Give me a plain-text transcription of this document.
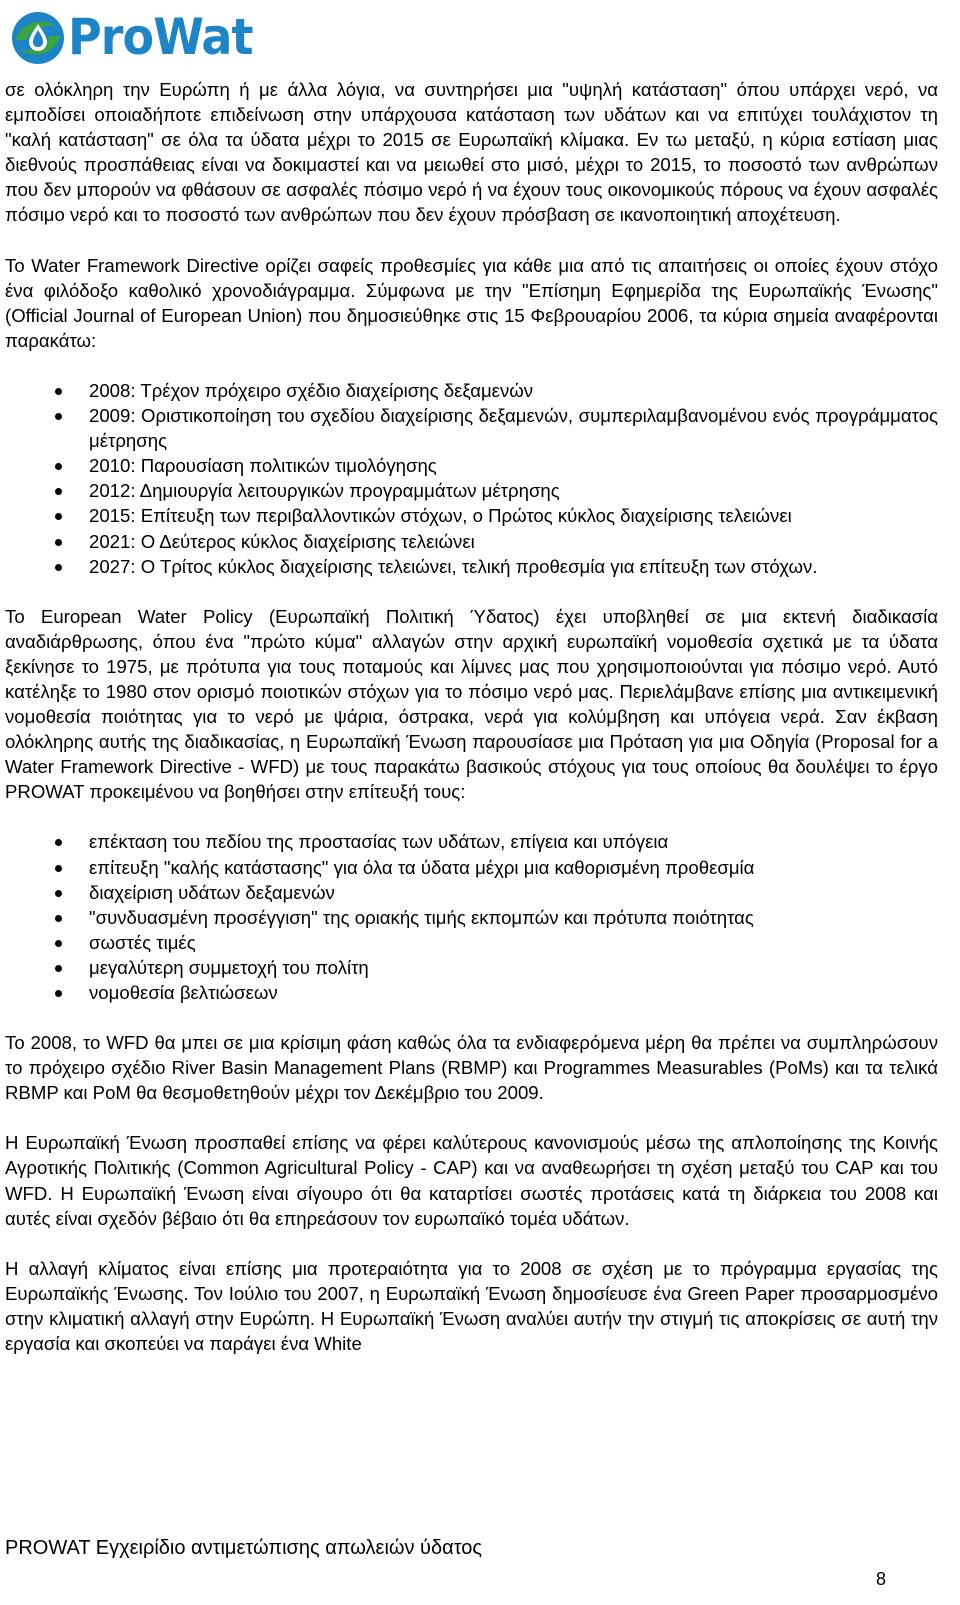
ProWat

σε ολόκληρη την Ευρώπη ή με άλλα λόγια, να συντηρήσει μια "υψηλή κατάσταση" όπου υπάρχει νερό, να εμποδίσει οποιαδήποτε επιδείνωση στην υπάρχουσα κατάσταση των υδάτων και να επιτύχει τουλάχιστον τη "καλή κατάσταση" σε όλα τα ύδατα μέχρι το 2015 σε Ευρωπαϊκή κλίμακα. Εν τω μεταξύ, η κύρια εστίαση μιας διεθνούς προσπάθειας είναι να δοκιμαστεί και να μειωθεί στο μισό, μέχρι το 2015, το ποσοστό των ανθρώπων που δεν μπορούν να φθάσουν σε ασφαλές πόσιμο νερό ή να έχουν τους οικονομικούς πόρους να έχουν ασφαλές πόσιμο νερό και το ποσοστό των ανθρώπων που δεν έχουν πρόσβαση σε ικανοποιητική αποχέτευση.

Το Water Framework Directive ορίζει σαφείς προθεσμίες για κάθε μια από τις απαιτήσεις οι οποίες έχουν στόχο ένα φιλόδοξο καθολικό χρονοδιάγραμμα. Σύμφωνα με την "Επίσημη Εφημερίδα της Ευρωπαϊκής Ένωσης" (Official Journal of European Union) που δημοσιεύθηκε στις 15 Φεβρουαρίου 2006, τα κύρια σημεία αναφέρονται παρακάτω:

2008: Τρέχον πρόχειρο σχέδιο διαχείρισης δεξαμενών
2009: Οριστικοποίηση του σχεδίου διαχείρισης δεξαμενών, συμπεριλαμβανομένου ενός προγράμματος μέτρησης
2010: Παρουσίαση πολιτικών τιμολόγησης
2012: Δημιουργία λειτουργικών προγραμμάτων μέτρησης
2015: Επίτευξη των περιβαλλοντικών στόχων, ο Πρώτος κύκλος διαχείρισης τελειώνει
2021: Ο Δεύτερος κύκλος διαχείρισης τελειώνει
2027: Ο Τρίτος κύκλος διαχείρισης τελειώνει, τελική προθεσμία για επίτευξη των στόχων.

Το European Water Policy (Ευρωπαϊκή Πολιτική Ύδατος) έχει υποβληθεί σε μια εκτενή διαδικασία αναδιάρθρωσης, όπου ένα "πρώτο κύμα" αλλαγών στην αρχική ευρωπαϊκή νομοθεσία σχετικά με τα ύδατα ξεκίνησε το 1975, με πρότυπα για τους ποταμούς και λίμνες μας που χρησιμοποιούνται για πόσιμο νερό. Αυτό κατέληξε το 1980 στον ορισμό ποιοτικών στόχων για το πόσιμο νερό μας. Περιελάμβανε επίσης μια αντικειμενική νομοθεσία ποιότητας για το νερό με ψάρια, όστρακα, νερά για κολύμβηση και υπόγεια νερά. Σαν έκβαση ολόκληρης αυτής της διαδικασίας, η Ευρωπαϊκή Ένωση παρουσίασε μια Πρόταση για μια Οδηγία (Proposal for a Water Framework Directive - WFD) με τους παρακάτω βασικούς στόχους για τους οποίους θα δουλέψει το έργο PROWAT προκειμένου να βοηθήσει στην επίτευξή τους:

επέκταση του πεδίου της προστασίας των υδάτων, επίγεια και υπόγεια
επίτευξη "καλής κατάστασης" για όλα τα ύδατα μέχρι μια καθορισμένη προθεσμία
διαχείριση υδάτων δεξαμενών
"συνδυασμένη προσέγγιση" της οριακής τιμής εκπομπών και πρότυπα ποιότητας
σωστές τιμές
μεγαλύτερη συμμετοχή του πολίτη
νομοθεσία βελτιώσεων

Το 2008, το WFD θα μπει σε μια κρίσιμη φάση καθώς όλα τα ενδιαφερόμενα μέρη θα πρέπει να συμπληρώσουν το πρόχειρο σχέδιο River Basin Management Plans (RBMP) και Programmes Measurables (PoMs) και τα τελικά RBMP και PoM θα θεσμοθετηθούν μέχρι τον Δεκέμβριο του 2009.

Η Ευρωπαϊκή Ένωση προσπαθεί επίσης να φέρει καλύτερους κανονισμούς μέσω της απλοποίησης της Κοινής Αγροτικής Πολιτικής (Common Agricultural Policy - CAP) και να αναθεωρήσει τη σχέση μεταξύ του CAP και του WFD. Η Ευρωπαϊκή Ένωση είναι σίγουρο ότι θα καταρτίσει σωστές προτάσεις κατά τη διάρκεια του 2008 και αυτές είναι σχεδόν βέβαιο ότι θα επηρεάσουν τον ευρωπαϊκό τομέα υδάτων.

Η αλλαγή κλίματος είναι επίσης μια προτεραιότητα για το 2008 σε σχέση με το πρόγραμμα εργασίας της Ευρωπαϊκής Ένωσης. Τον Ιούλιο του 2007, η Ευρωπαϊκή Ένωση δημοσίευσε ένα Green Paper προσαρμοσμένο στην κλιματική αλλαγή στην Ευρώπη. Η Ευρωπαϊκή Ένωση αναλύει αυτήν την στιγμή τις αποκρίσεις σε αυτή την εργασία και σκοπεύει να παράγει ένα White

PROWAT Εγχειρίδιο αντιμετώπισης απωλειών ύδατος
8
